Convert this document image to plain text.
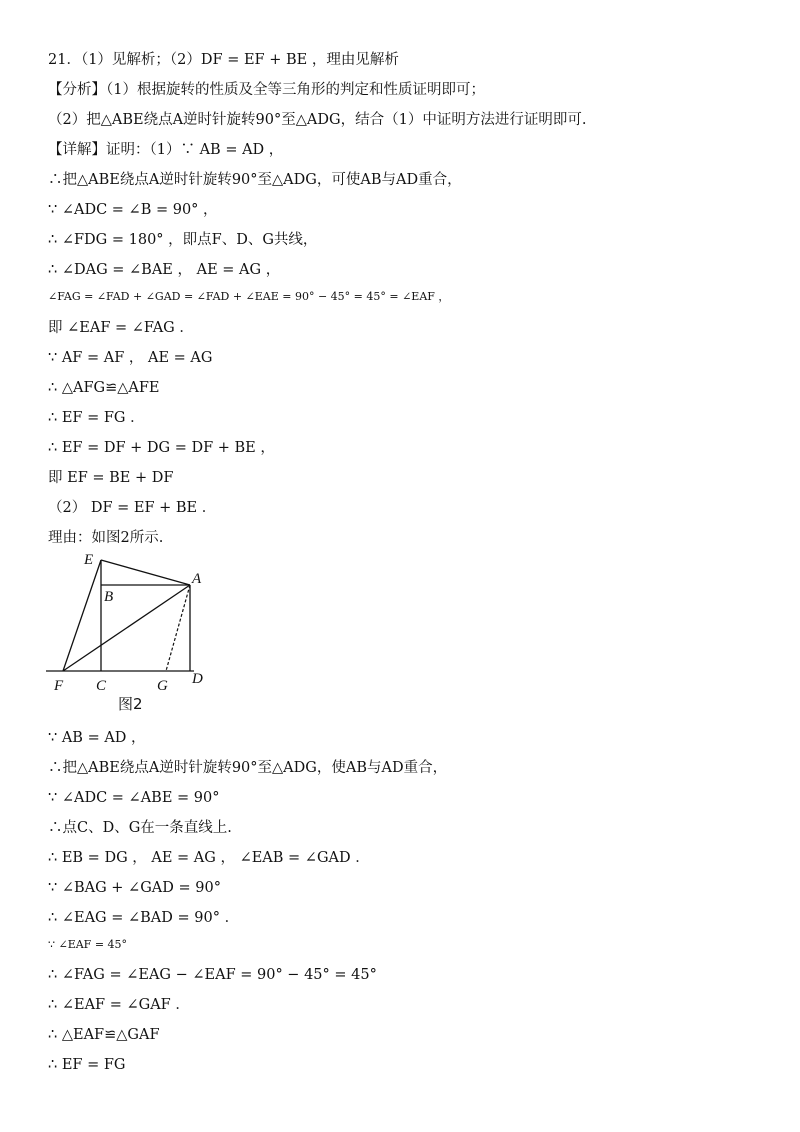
21．（1）见解析；（2）DF = EF + BE ，理由见解析
【分析】（1）根据旋转的性质及全等三角形的判定和性质证明即可；
（2）把△ABE绕点A逆时针旋转90°至△ADG，结合（1）中证明方法进行证明即可.
【详解】证明：（1）∵ AB = AD ，
∴把△ABE绕点A逆时针旋转90°至△ADG，可使AB与AD重合，
∵ ∠ADC = ∠B = 90° ，
∴ ∠FDG = 180° ，即点F、D、G共线，
∴ ∠DAG = ∠BAE ， AE = AG ，
∠FAG = ∠FAD + ∠GAD = ∠FAD + ∠EAE = 90° − 45° = 45° = ∠EAF ，
即 ∠EAF = ∠FAG ．
∵ AF = AF ， AE = AG
∴ △AFG≌△AFE
∴ EF = FG ．
∴ EF = DF + DG = DF + BE ，
即 EF = BE + DF
（2） DF = EF + BE ．
理由：如图2所示.
∵ AB = AD ，
∴把△ABE绕点A逆时针旋转90°至△ADG，使AB与AD重合，
∵ ∠ADC = ∠ABE = 90°
∴点C、D、G在一条直线上.
∴ EB = DG ， AE = AG ， ∠EAB = ∠GAD ．
∵ ∠BAG + ∠GAD = 90°
∴ ∠EAG = ∠BAD = 90° ．
∵ ∠EAF = 45°
∴ ∠FAG = ∠EAG − ∠EAF = 90° − 45° = 45°
∴ ∠EAF = ∠GAF ．
∴ △EAF≌△GAF
∴ EF = FG
E
A
B
F C	G D
图2
